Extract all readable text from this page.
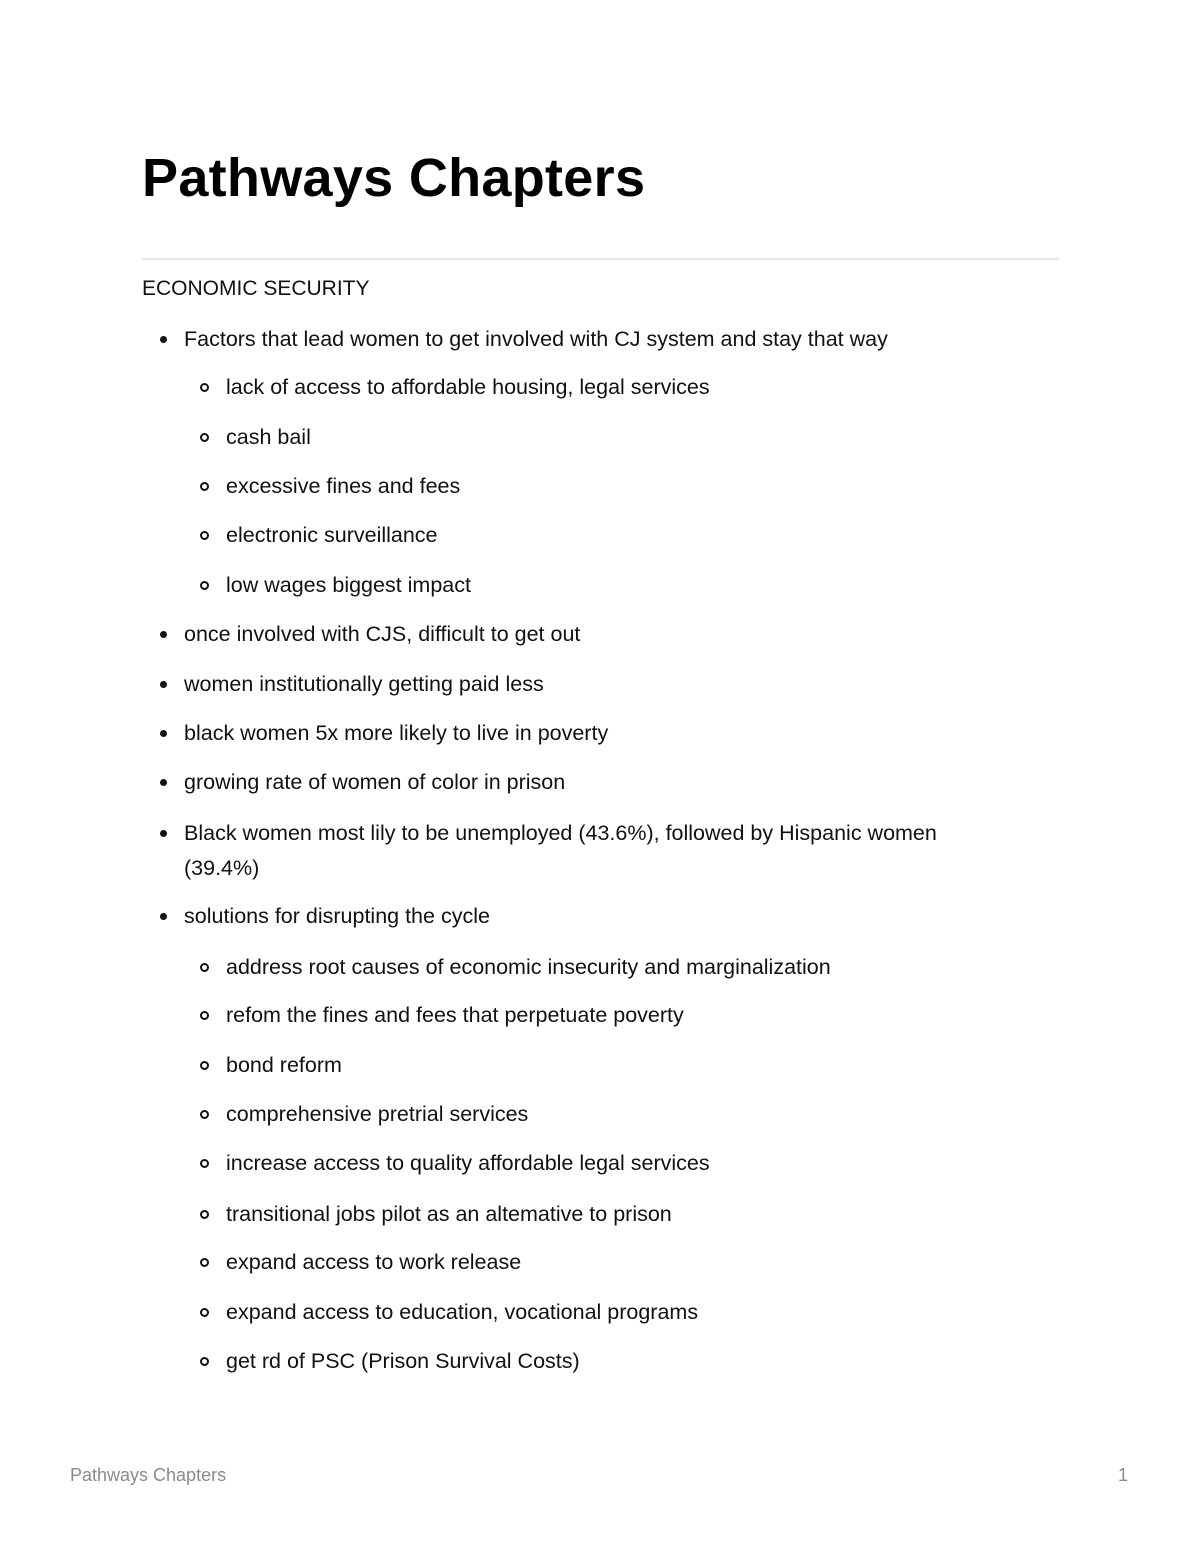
Pathways Chapters
ECONOMIC SECURITY
Factors that lead women to get involved with CJ system and stay that way
lack of access to affordable housing, legal services
cash bail
excessive fines and fees
electronic surveillance
low wages biggest impact
once involved with CJS, difficult to get out
women institutionally getting paid less
black women 5x more likely to live in poverty
growing rate of women of color in prison
Black women most lily to be unemployed (43.6%), followed by Hispanic women
(39.4%)
solutions for disrupting the cycle
address root causes of economic insecurity and marginalization
refom the fines and fees that perpetuate poverty
bond reform
comprehensive pretrial services
increase access to quality affordable legal services
transitional jobs pilot as an altemative to prison
expand access to work release
expand access to education, vocational programs
get rd of PSC (Prison Survival Costs)
Pathways Chapters	1
